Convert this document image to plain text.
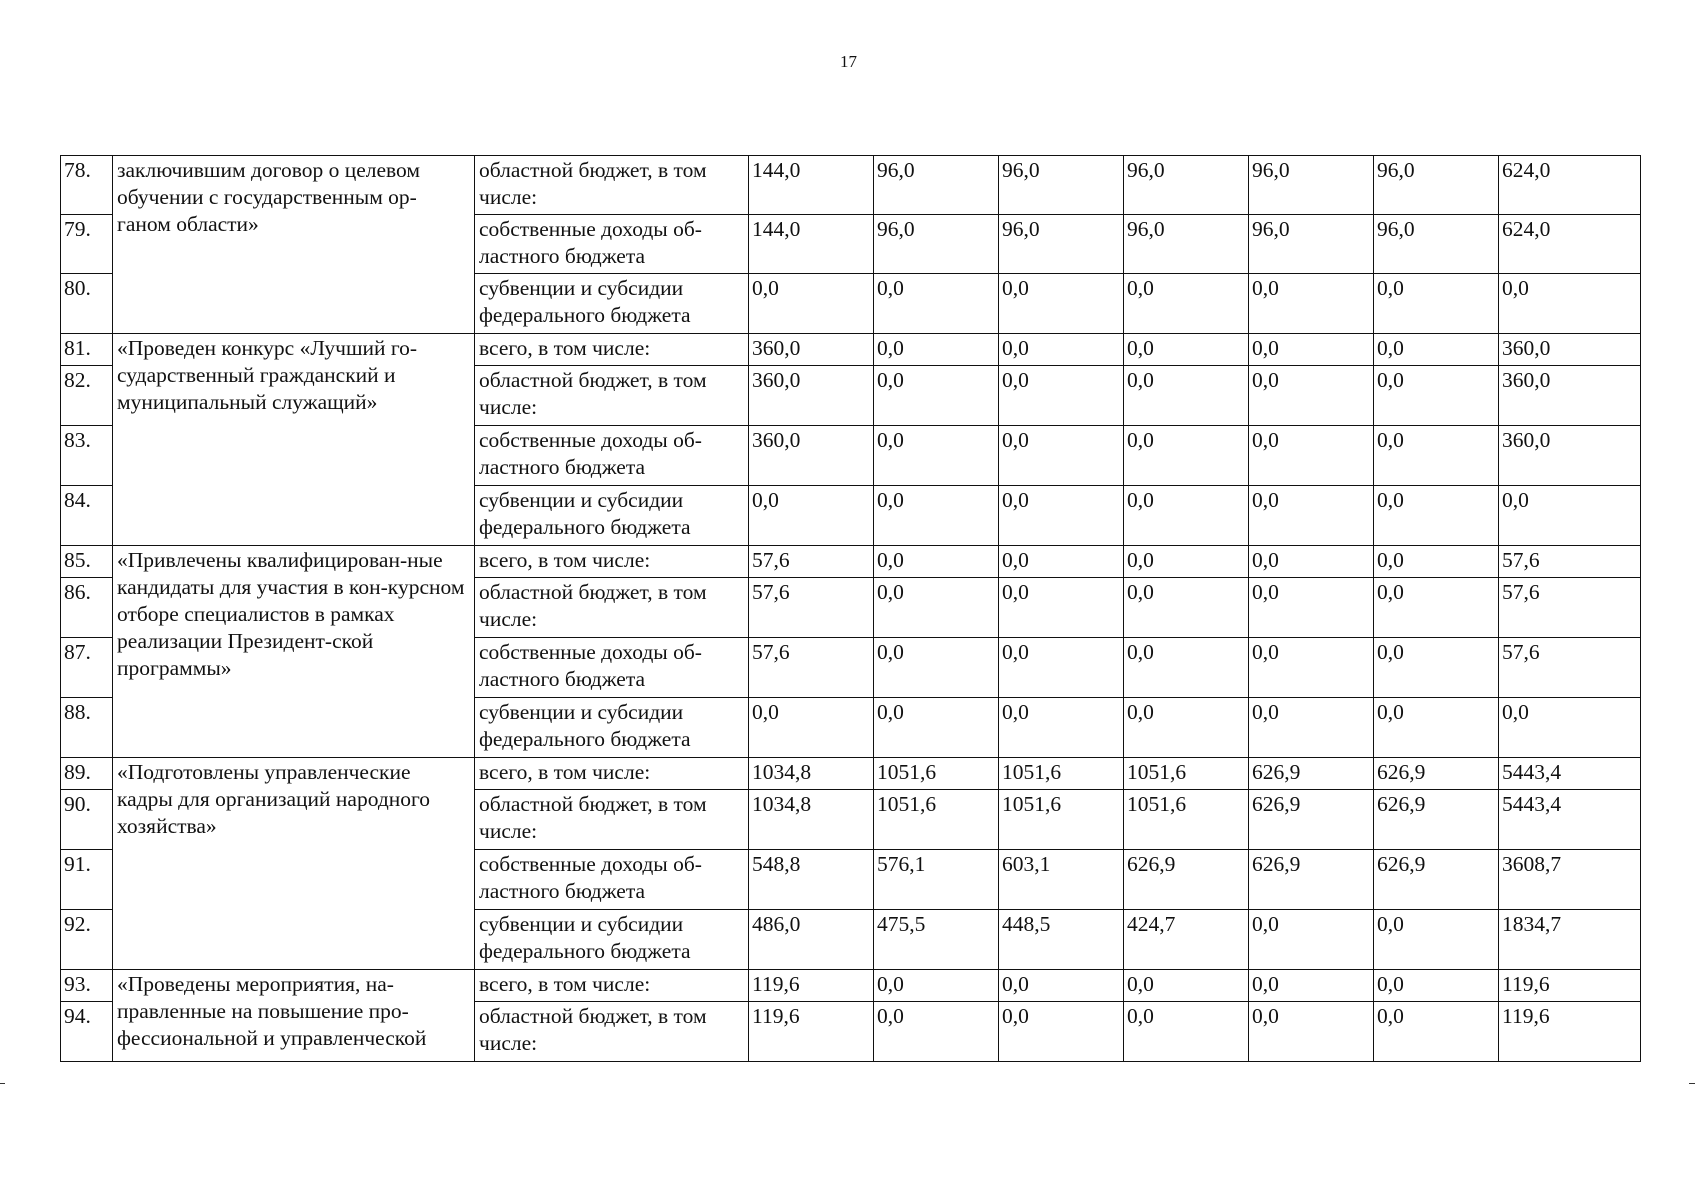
17
78.	заключившим договор о целевом обучении с государственным ор-ганом области»	областной бюджет, в том числе:	144,0	96,0	96,0	96,0	96,0	96,0	624,0
79.		собственные доходы об-ластного бюджета	144,0	96,0	96,0	96,0	96,0	96,0	624,0
80.		субвенции и субсидии федерального бюджета	0,0	0,0	0,0	0,0	0,0	0,0	0,0
81.	«Проведен конкурс «Лучший го-сударственный гражданский и муниципальный служащий»	всего, в том числе:	360,0	0,0	0,0	0,0	0,0	0,0	360,0
82.		областной бюджет, в том числе:	360,0	0,0	0,0	0,0	0,0	0,0	360,0
83.		собственные доходы об-ластного бюджета	360,0	0,0	0,0	0,0	0,0	0,0	360,0
84.		субвенции и субсидии федерального бюджета	0,0	0,0	0,0	0,0	0,0	0,0	0,0
85.	«Привлечены квалифицирован-ные кандидаты для участия в кон-курсном отборе специалистов в рамках реализации Президент-ской программы»	всего, в том числе:	57,6	0,0	0,0	0,0	0,0	0,0	57,6
86.		областной бюджет, в том числе:	57,6	0,0	0,0	0,0	0,0	0,0	57,6
87.		собственные доходы об-ластного бюджета	57,6	0,0	0,0	0,0	0,0	0,0	57,6
88.		субвенции и субсидии федерального бюджета	0,0	0,0	0,0	0,0	0,0	0,0	0,0
89.	«Подготовлены управленческие кадры для организаций народного хозяйства»	всего, в том числе:	1034,8	1051,6	1051,6	1051,6	626,9	626,9	5443,4
90.		областной бюджет, в том числе:	1034,8	1051,6	1051,6	1051,6	626,9	626,9	5443,4
91.		собственные доходы об-ластного бюджета	548,8	576,1	603,1	626,9	626,9	626,9	3608,7
92.		субвенции и субсидии федерального бюджета	486,0	475,5	448,5	424,7	0,0	0,0	1834,7
93.	«Проведены мероприятия, на-правленные на повышение про-фессиональной и управленческой	всего, в том числе:	119,6	0,0	0,0	0,0	0,0	0,0	119,6
94.		областной бюджет, в том числе:	119,6	0,0	0,0	0,0	0,0	0,0	119,6
